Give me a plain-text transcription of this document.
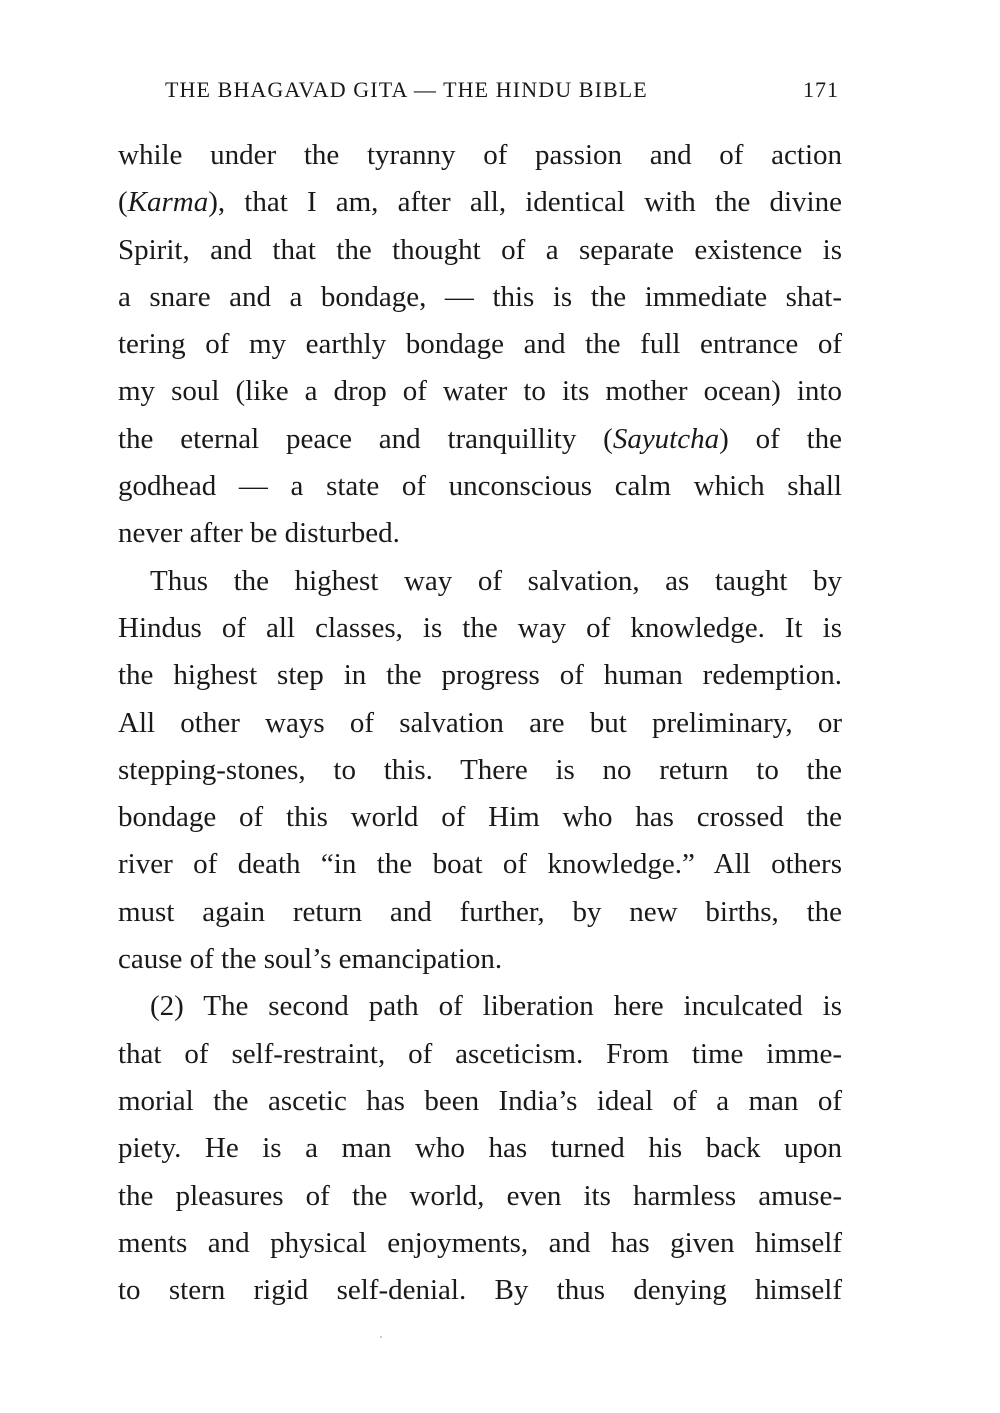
THE BHAGAVAD GITA — THE HINDU BIBLE	171
while under the tyranny of passion and of action
(Karma), that I am, after all, identical with the divine
Spirit, and that the thought of a separate existence is
a snare and a bondage, — this is the immediate shat-
tering of my earthly bondage and the full entrance of
my soul (like a drop of water to its mother ocean) into
the eternal peace and tranquillity (Sayutcha) of the
godhead — a state of unconscious calm which shall
never after be disturbed.
Thus the highest way of salvation, as taught by
Hindus of all classes, is the way of knowledge. It is
the highest step in the progress of human redemption.
All other ways of salvation are but preliminary, or
stepping-stones, to this. There is no return to the
bondage of this world of Him who has crossed the
river of death “in the boat of knowledge.” All others
must again return and further, by new births, the
cause of the soul’s emancipation.
(2) The second path of liberation here inculcated is
that of self-restraint, of asceticism. From time imme-
morial the ascetic has been India’s ideal of a man of
piety. He is a man who has turned his back upon
the pleasures of the world, even its harmless amuse-
ments and physical enjoyments, and has given himself
to stern rigid self-denial. By thus denying himself
